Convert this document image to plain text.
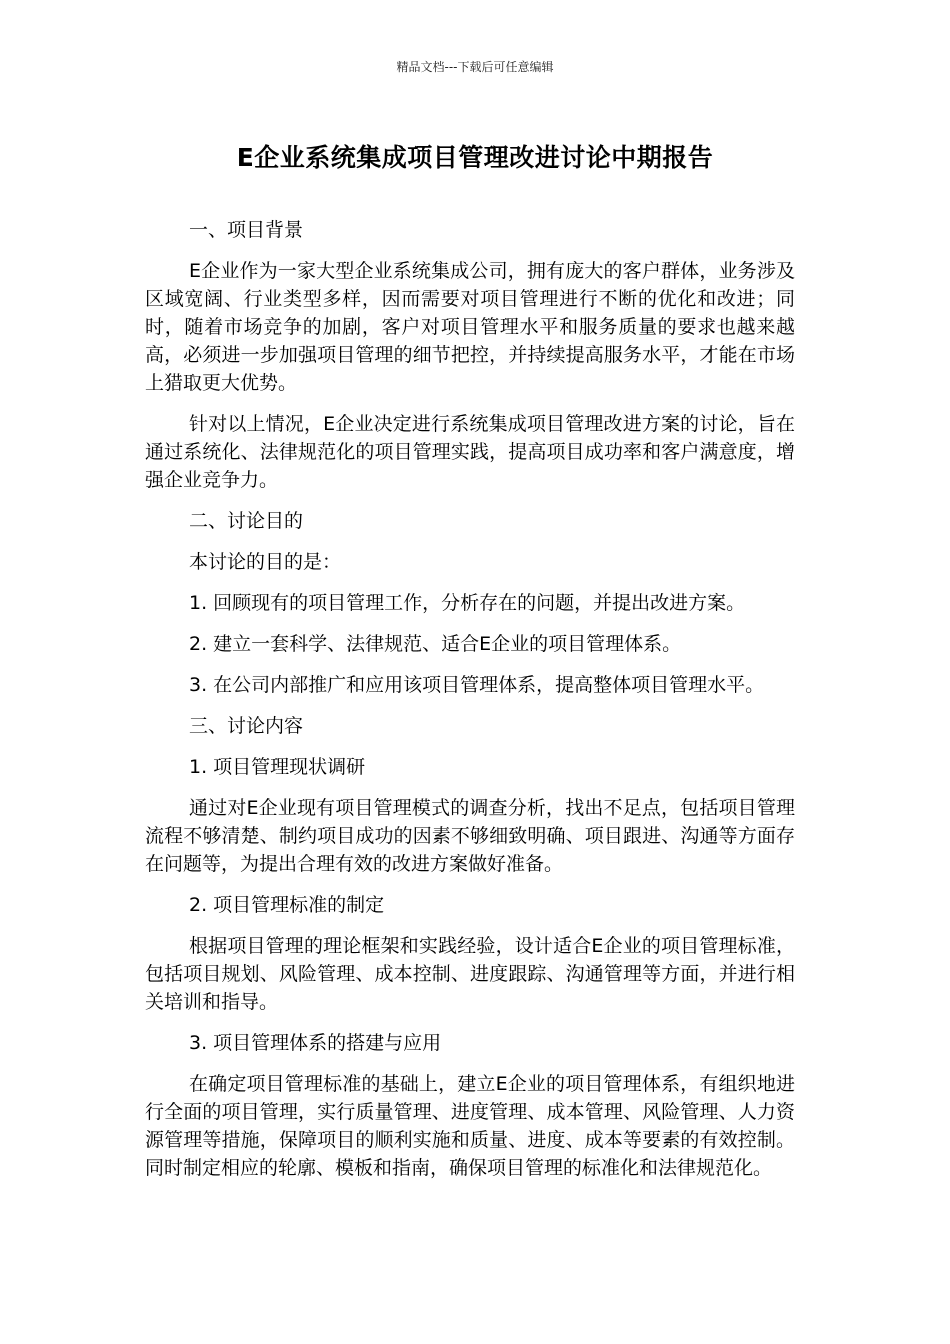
精品文档---下载后可任意编辑
E企业系统集成项目管理改进讨论中期报告

一、项目背景

E企业作为一家大型企业系统集成公司，拥有庞大的客户群体，业务涉及区域宽阔、行业类型多样，因而需要对项目管理进行不断的优化和改进；同时，随着市场竞争的加剧，客户对项目管理水平和服务质量的要求也越来越高，必须进一步加强项目管理的细节把控，并持续提高服务水平，才能在市场上猎取更大优势。

针对以上情况，E企业决定进行系统集成项目管理改进方案的讨论，旨在通过系统化、法律规范化的项目管理实践，提高项目成功率和客户满意度，增强企业竞争力。

二、讨论目的

本讨论的目的是：

1. 回顾现有的项目管理工作，分析存在的问题，并提出改进方案。

2. 建立一套科学、法律规范、适合E企业的项目管理体系。

3. 在公司内部推广和应用该项目管理体系，提高整体项目管理水平。

三、讨论内容

1. 项目管理现状调研

通过对E企业现有项目管理模式的调查分析，找出不足点，包括项目管理流程不够清楚、制约项目成功的因素不够细致明确、项目跟进、沟通等方面存在问题等，为提出合理有效的改进方案做好准备。

2. 项目管理标准的制定

根据项目管理的理论框架和实践经验，设计适合E企业的项目管理标准，包括项目规划、风险管理、成本控制、进度跟踪、沟通管理等方面，并进行相关培训和指导。

3. 项目管理体系的搭建与应用

在确定项目管理标准的基础上，建立E企业的项目管理体系，有组织地进行全面的项目管理，实行质量管理、进度管理、成本管理、风险管理、人力资源管理等措施，保障项目的顺利实施和质量、进度、成本等要素的有效控制。同时制定相应的轮廓、模板和指南，确保项目管理的标准化和法律规范化。
